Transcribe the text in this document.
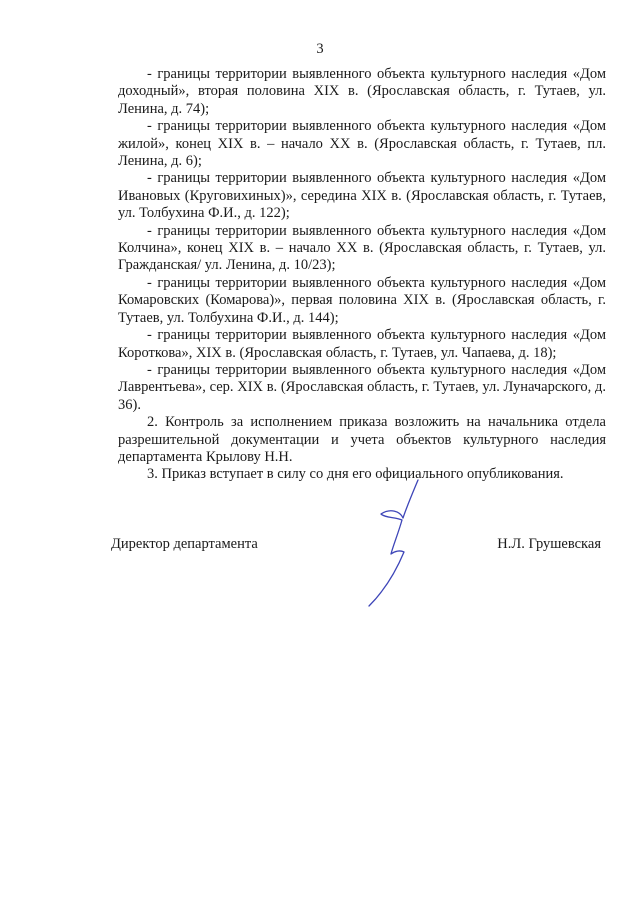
3

- границы территории выявленного объекта культурного наследия «Дом доходный», вторая половина XIX в. (Ярославская область, г. Тутаев, ул. Ленина, д. 74);

- границы территории выявленного объекта культурного наследия «Дом жилой», конец XIX в. – начало XX в. (Ярославская область, г. Тутаев, пл. Ленина, д. 6);

- границы территории выявленного объекта культурного наследия «Дом Ивановых (Круговихиных)», середина XIX в. (Ярославская область, г. Тутаев, ул. Толбухина Ф.И., д. 122);

- границы территории выявленного объекта культурного наследия «Дом Колчина», конец XIX в. – начало XX в. (Ярославская область, г. Тутаев, ул. Гражданская/ ул. Ленина, д. 10/23);

- границы территории выявленного объекта культурного наследия «Дом Комаровских (Комарова)», первая половина XIX в. (Ярославская область, г. Тутаев, ул. Толбухина Ф.И., д. 144);

- границы территории выявленного объекта культурного наследия «Дом Короткова», XIX в. (Ярославская область, г. Тутаев, ул. Чапаева, д. 18);

- границы территории выявленного объекта культурного наследия «Дом Лаврентьева», сер. XIX в. (Ярославская область, г. Тутаев, ул. Луначарского, д. 36).

2. Контроль за исполнением приказа возложить на начальника отдела разрешительной документации и учета объектов культурного наследия департамента Крылову Н.Н.

3. Приказ вступает в силу со дня его официального опубликования.

Директор департамента	Н.Л. Грушевская
